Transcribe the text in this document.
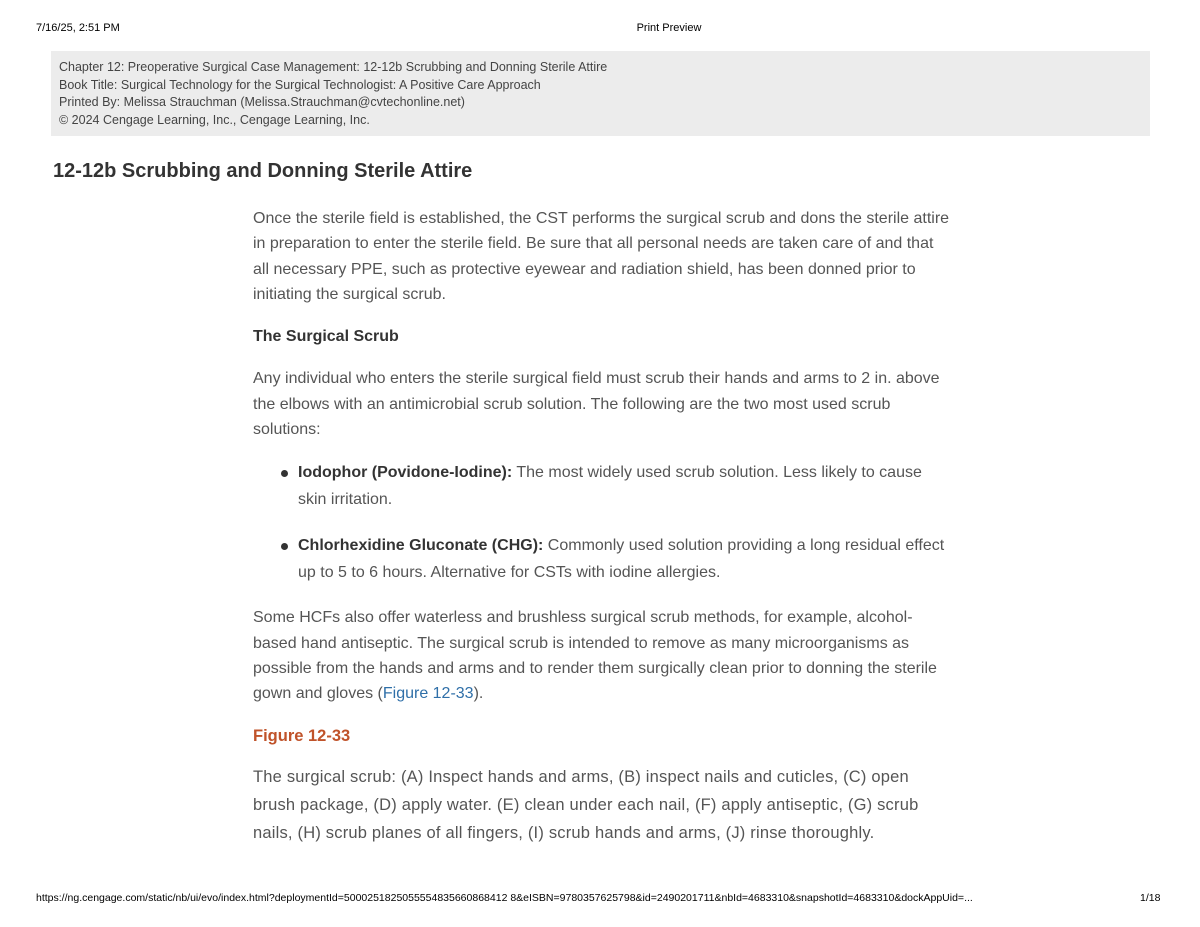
7/16/25, 2:51 PM	Print Preview
Chapter 12: Preoperative Surgical Case Management: 12-12b Scrubbing and Donning Sterile Attire
Book Title: Surgical Technology for the Surgical Technologist: A Positive Care Approach
Printed By: Melissa Strauchman (Melissa.Strauchman@cvtechonline.net)
© 2024 Cengage Learning, Inc., Cengage Learning, Inc.
12-12b Scrubbing and Donning Sterile Attire

Once the sterile field is established, the CST performs the surgical scrub and dons the sterile attire in preparation to enter the sterile field. Be sure that all personal needs are taken care of and that all necessary PPE, such as protective eyewear and radiation shield, has been donned prior to initiating the surgical scrub.

The Surgical Scrub

Any individual who enters the sterile surgical field must scrub their hands and arms to 2 in. above the elbows with an antimicrobial scrub solution. The following are the two most used scrub solutions:

Iodophor (Povidone-Iodine): The most widely used scrub solution. Less likely to cause skin irritation.
Chlorhexidine Gluconate (CHG): Commonly used solution providing a long residual effect up to 5 to 6 hours. Alternative for CSTs with iodine allergies.

Some HCFs also offer waterless and brushless surgical scrub methods, for example, alcohol-based hand antiseptic. The surgical scrub is intended to remove as many microorganisms as possible from the hands and arms and to render them surgically clean prior to donning the sterile gown and gloves (Figure 12-33).

Figure 12-33

The surgical scrub: (A) Inspect hands and arms, (B) inspect nails and cuticles, (C) open brush package, (D) apply water. (E) clean under each nail, (F) apply antiseptic, (G) scrub nails, (H) scrub planes of all fingers, (I) scrub hands and arms, (J) rinse thoroughly.

https://ng.cengage.com/static/nb/ui/evo/index.html?deploymentId=5000251825055554835660868412 8&eISBN=9780357625798&id=2490201711&nbId=4683310&snapshotId=4683310&dockAppUid=...	1/18
